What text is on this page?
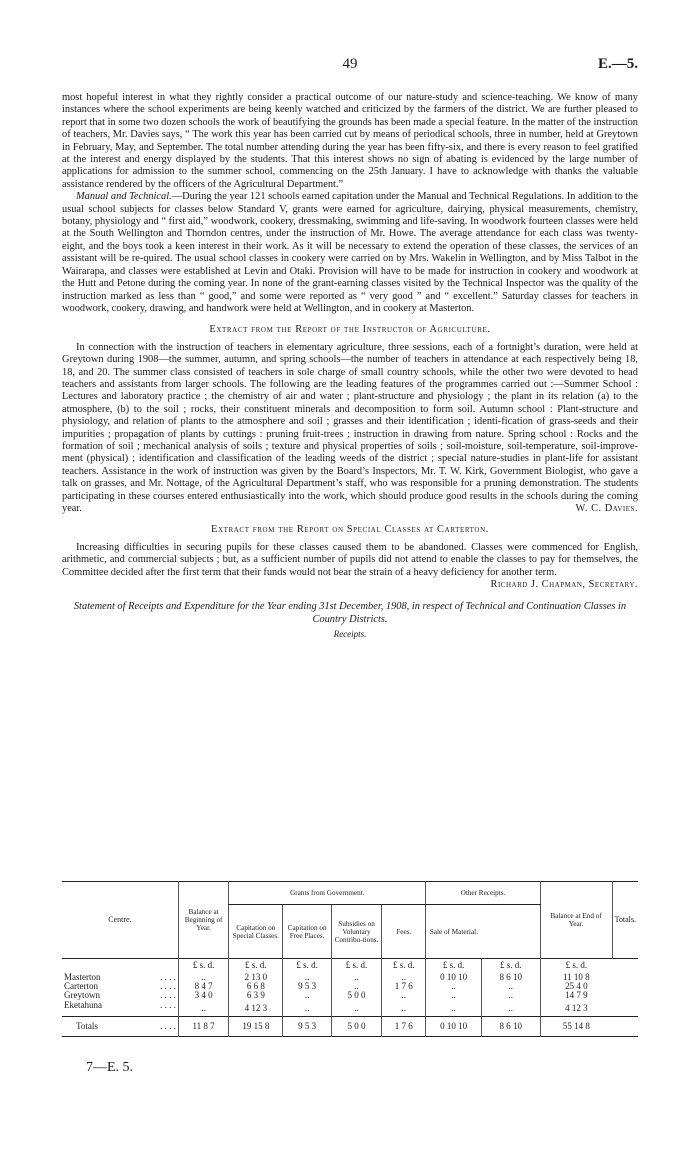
49	E.—5.

most hopeful interest in what they rightly consider a practical outcome of our nature-study and science-teaching. We know of many instances where the school experiments are being keenly watched and criticized by the farmers of the district. We are further pleased to report that in some two dozen schools the work of beautifying the grounds has been made a special feature. In the matter of the instruction of teachers, Mr. Davies says, “ The work this year has been carried cut by means of periodical schools, three in number, held at Greytown in February, May, and September. The total number attending during the year has been fifty-six, and there is every reason to feel gratified at the interest and energy displayed by the students. That this interest shows no sign of abating is evidenced by the large number of applications for admission to the summer school, commencing on the 25th January. I have to acknowledge with thanks the valuable assistance rendered by the officers of the Agricultural Department.”

Manual and Technical.—During the year 121 schools earned capitation under the Manual and Technical Regulations. In addition to the usual school subjects for classes below Standard V, grants were earned for agriculture, dairying, physical measurements, chemistry, botany, physiology and “ first aid,” woodwork, cookery, dressmaking, swimming and life-saving. In woodwork fourteen classes were held at the South Wellington and Thorndon centres, under the instruction of Mr. Howe. The average attendance for each class was twenty-eight, and the boys took a keen interest in their work. As it will be necessary to extend the operation of these classes, the services of an assistant will be re-quired. The usual school classes in cookery were carried on by Mrs. Wakelin in Wellington, and by Miss Talbot in the Wairarapa, and classes were established at Levin and Otaki. Provision will have to be made for instruction in cookery and woodwork at the Hutt and Petone during the coming year. In none of the grant-earning classes visited by the Technical Inspector was the quality of the instruction marked as less than “ good,” and some were reported as “ very good ” and “ excellent.” Saturday classes for teachers in woodwork, cookery, drawing, and handwork were held at Wellington, and in cookery at Masterton.

Extract from the Report of the Instructor of Agriculture.

In connection with the instruction of teachers in elementary agriculture, three sessions, each of a fortnight’s duration, were held at Greytown during 1908—the summer, autumn, and spring schools—the number of teachers in attendance at each respectively being 18, 18, and 20. The summer class consisted of teachers in sole charge of small country schools, while the other two were devoted to head teachers and assistants from larger schools. The following are the leading features of the programmes carried out :—Summer School : Lectures and laboratory practice ; the chemistry of air and water ; plant-structure and physiology ; the plant in its relation (a) to the atmosphere, (b) to the soil ; rocks, their constituent minerals and decomposition to form soil. Autumn school : Plant-structure and physiology, and relation of plants to the atmosphere and soil ; grasses and their identification ; identi-fication of grass-seeds and their impurities ; propagation of plants by cuttings : pruning fruit-trees ; instruction in drawing from nature. Spring school : Rocks and the formation of soil ; mechanical analysis of soils ; texture and physical properties of soils ; soil-moisture, soil-temperature, soil-improve-ment (physical) ; identification and classification of the leading weeds of the district ; special nature-studies in plant-life for assistant teachers. Assistance in the work of instruction was given by the Board’s Inspectors, Mr. T. W. Kirk, Government Biologist, who gave a talk on grasses, and Mr. Nottage, of the Agricultural Department’s staff, who was responsible for a pruning demonstration. The students participating in these courses entered enthusiastically into the work, which should produce good results in the schools during the coming year.	W. C. Davies.

Extract from the Report on Special Classes at Carterton.

Increasing difficulties in securing pupils for these classes caused them to be abandoned. Classes were commenced for English, arithmetic, and commercial subjects ; but, as a sufficient number of pupils did not attend to enable the classes to pay for themselves, the Committee decided after the first term that their funds would not bear the strain of a heavy deficiency for another term.

Richard J. Chapman, Secretary.
Statement of Receipts and Expenditure for the Year ending 31st December, 1908, in respect of Technical and Continuation Classes in Country Districts.
Receipts.
Centre.	Balance at Beginning of Year.	Grants from Government.				Other Receipts.		Balance at End of Year.	Totals.
		Capitation on Special Classes.	Capitation on Free Places.	Subsidies on Voluntary Contribu-tions.	Fees.	Sale of Material.			
	£ s. d.	£ s. d.	£ s. d.	£ s. d.	£ s. d.	£ s. d.	£ s. d.	£ s. d.	
Masterton . . . .	..	2 13 0	..	..	..	0 10 10	8 6 10	11 10 8	
Carterton . . . .	8 4 7	6 6 8	9 5 3	..	1 7 6	..	..	25 4 0	
Greytown . . . .	3 4 0	6 3 9	..	5 0 0	..	..	..	14 7 9	
Eketahuna . . . .	..	4 12 3	..	..	..	..	..	4 12 3	
Totals . . . .	11 8 7	19 15 8	9 5 3	5 0 0	1 7 6	0 10 10	8 6 10	55 14 8	
7—E. 5.
